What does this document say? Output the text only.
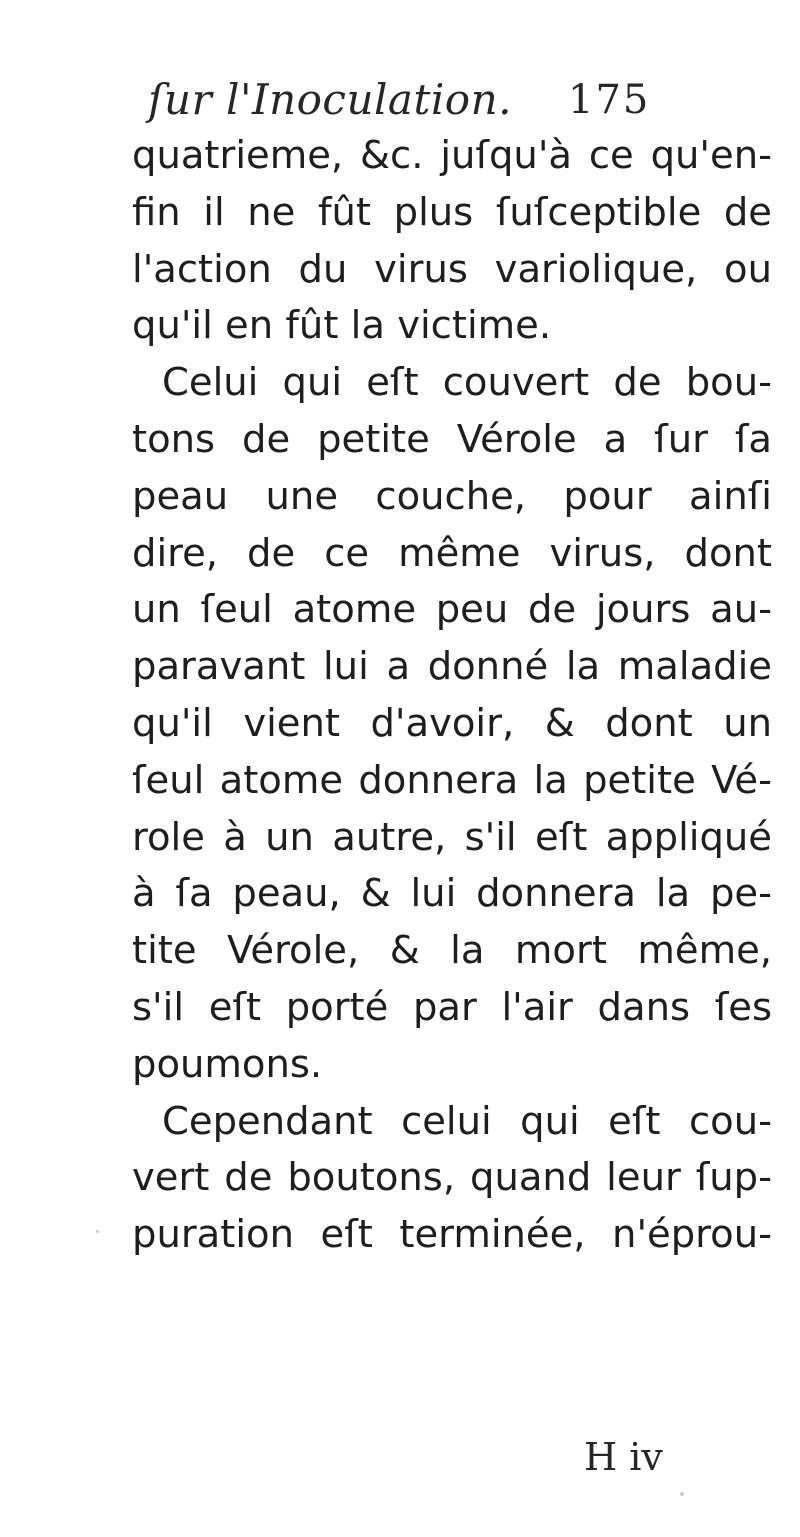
ſur l'Inoculation. 175
quatrieme, &c. juſqu'à ce qu'en-
fin il ne fût plus ſuſceptible de
l'action du virus variolique, ou
qu'il en fût la victime.
Celui qui eſt couvert de bou-
tons de petite Vérole a ſur ſa
peau une couche, pour ainſi
dire, de ce même virus, dont
un ſeul atome peu de jours au-
paravant lui a donné la maladie
qu'il vient d'avoir, & dont un
ſeul atome donnera la petite Vé-
role à un autre, s'il eſt appliqué
à ſa peau, & lui donnera la pe-
tite Vérole, & la mort même,
s'il eſt porté par l'air dans ſes
poumons.
Cependant celui qui eſt cou-
vert de boutons, quand leur ſup-
puration eſt terminée, n'éprou-
H iv
